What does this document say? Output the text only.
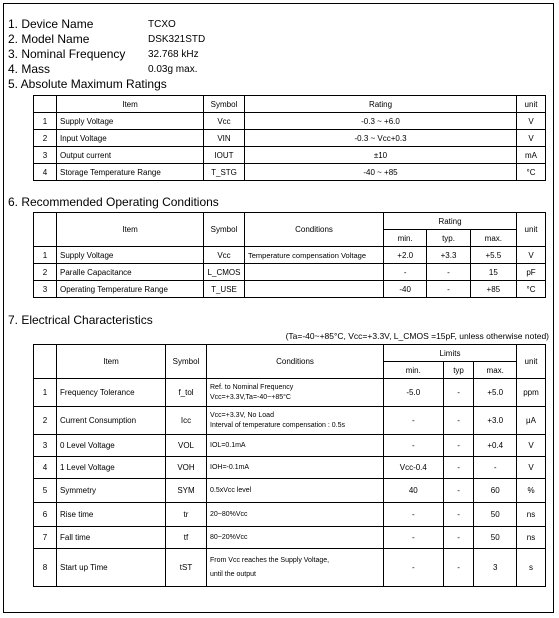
1. Device Name	TCXO
2. Model Name	DSK321STD
3. Nominal Frequency 32.768 kHz
4. Mass	0.03g max.
5. Absolute Maximum Ratings
	Item	Symbol	Rating	unit
1	Supply Voltage	Vcc	-0.3 ~ +6.0	V
2	Input Voltage	VIN	-0.3 ~ Vcc+0.3	V
3	Output current	IOUT	±10	mA
4	Storage Temperature Range	T_STG	-40 ~ +85	°C
6. Recommended Operating Conditions
	Item	Symbol	Conditions	Rating			unit
				min.	typ.	max.	
1	Supply Voltage	Vcc	Temperature compensation Voltage	+2.0	+3.3	+5.5	V
2	Paralle Capacitance	L_CMOS		-	-	15	pF
3	Operating Temperature Range	T_USE		-40	-	+85	°C
7. Electrical Characteristics
(Ta=-40~+85°C, Vcc=+3.3V, L_CMOS =15pF, unless otherwise noted)
	Item	Symbol	Conditions	Limits			unit
				min.	typ	max.	
1	Frequency Tolerance	f_tol	Ref. to Nominal Frequency
Vcc=+3.3V,Ta=-40~+85°C	-5.0	-	+5.0	ppm
2	Current Consumption	Icc	Vcc=+3.3V, No Load
Interval of temperature compensation : 0.5s	-	-	+3.0	μA
3	0 Level Voltage	VOL	IOL=0.1mA	-	-	+0.4	V
4	1 Level Voltage	VOH	IOH=-0.1mA	Vcc-0.4	-	-	V
5	Symmetry	SYM	0.5xVcc level	40	-	60	%
6	Rise time	tr	20~80%Vcc	-	-	50	ns
7	Fall time	tf	80~20%Vcc	-	-	50	ns
8	Start up Time	tST	From Vcc reaches the Supply Voltage,
until the output	-	-	3	s
